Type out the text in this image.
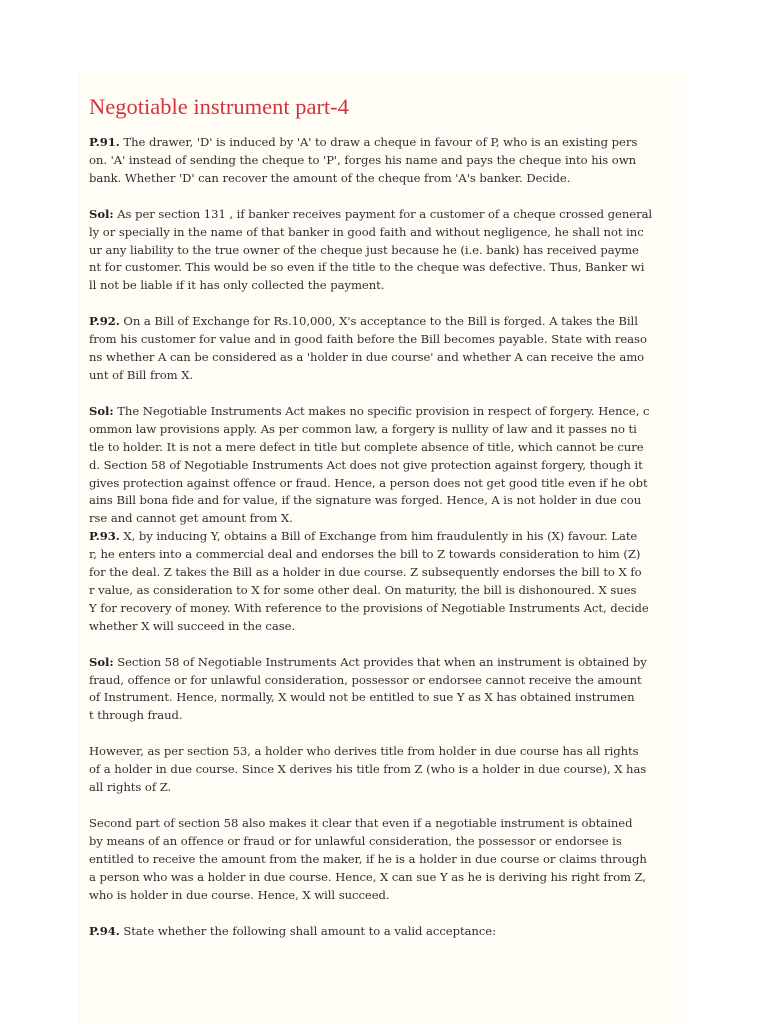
Negotiable instrument part-4
P.91. The drawer, 'D' is induced by 'A' to draw a cheque in favour of P, who is an existing pers
on. 'A' instead of sending the cheque to 'P', forges his name and pays the cheque into his own
bank. Whether 'D' can recover the amount of the cheque from 'A's banker. Decide.
Sol: As per section 131 , if banker receives payment for a customer of a cheque crossed general
ly or specially in the name of that banker in good faith and without negligence, he shall not inc
ur any liability to the true owner of the cheque just because he (i.e. bank) has received payme
nt for customer. This would be so even if the title to the cheque was defective. Thus, Banker wi
ll not be liable if it has only collected the payment.
P.92. On a Bill of Exchange for Rs.10,000, X's acceptance to the Bill is forged. A takes the Bill
from his customer for value and in good faith before the Bill becomes payable. State with reaso
ns whether A can be considered as a 'holder in due course' and whether A can receive the amo
unt of Bill from X.
Sol: The Negotiable Instruments Act makes no specific provision in respect of forgery. Hence, c
ommon law provisions apply. As per common law, a forgery is nullity of law and it passes no ti
tle to holder. It is not a mere defect in title but complete absence of title, which cannot be cure
d. Section 58 of Negotiable Instruments Act does not give protection against forgery, though it
gives protection against offence or fraud. Hence, a person does not get good title even if he obt
ains Bill bona fide and for value, if the signature was forged. Hence, A is not holder in due cou
rse and cannot get amount from X.
P.93. X, by inducing Y, obtains a Bill of Exchange from him fraudulently in his (X) favour. Late
r, he enters into a commercial deal and endorses the bill to Z towards consideration to him (Z)
for the deal. Z takes the Bill as a holder in due course. Z subsequently endorses the bill to X fo
r value, as consideration to X for some other deal. On maturity, the bill is dishonoured. X sues
Y for recovery of money. With reference to the provisions of Negotiable Instruments Act, decide
whether X will succeed in the case.
Sol: Section 58 of Negotiable Instruments Act provides that when an instrument is obtained by
fraud, offence or for unlawful consideration, possessor or endorsee cannot receive the amount
of Instrument. Hence, normally, X would not be entitled to sue Y as X has obtained instrumen
t through fraud.
However, as per section 53, a holder who derives title from holder in due course has all rights
of a holder in due course. Since X derives his title from Z (who is a holder in due course), X has
all rights of Z.
Second part of section 58 also makes it clear that even if a negotiable instrument is obtained
by means of an offence or fraud or for unlawful consideration, the possessor or endorsee is
entitled to receive the amount from the maker, if he is a holder in due course or claims through
a person who was a holder in due course. Hence, X can sue Y as he is deriving his right from Z,
who is holder in due course. Hence, X will succeed.
P.94. State whether the following shall amount to a valid acceptance:
